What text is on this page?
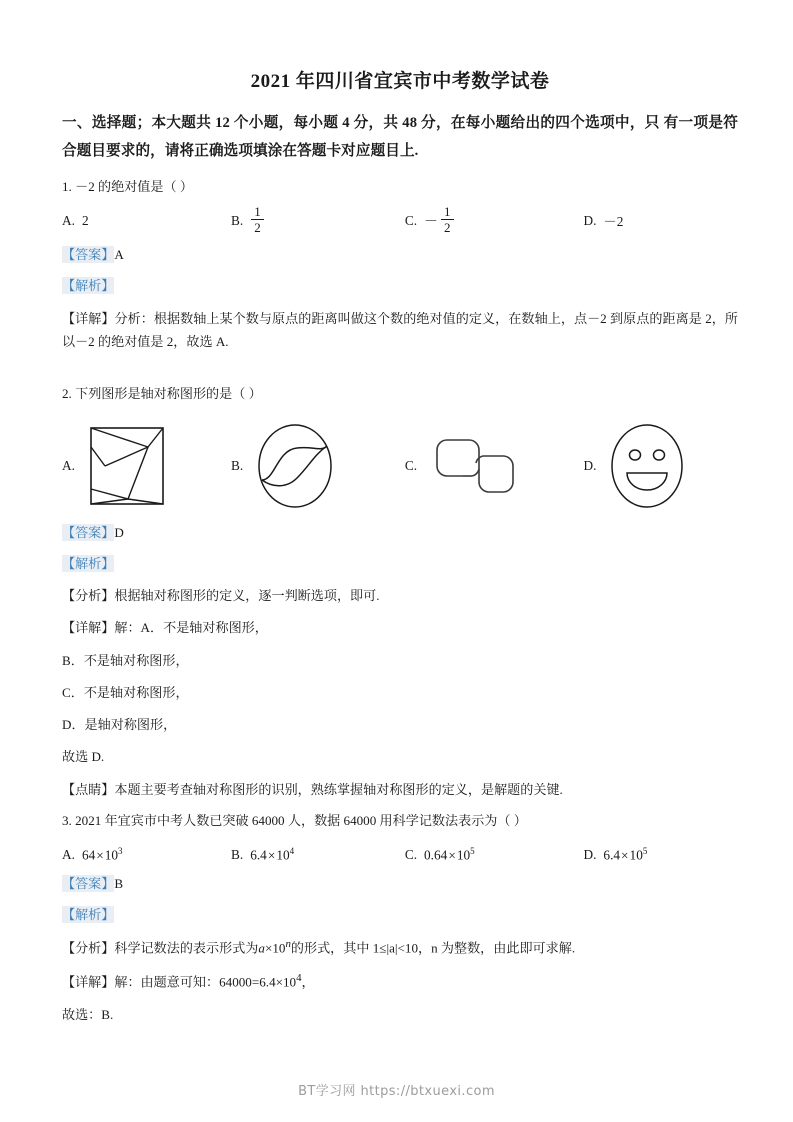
2021 年四川省宜宾市中考数学试卷
一、选择题；本大题共 12 个小题，每小题 4 分，共 48 分，在每小题给出的四个选项中，只 有一项是符合题目要求的，请将正确选项填涂在答题卡对应题目上.
1. －2 的绝对值是（ ）
A. 2	B. $\frac{1}{2}$	C. － $\frac{1}{2}$	D. －2
【答案】A
【解析】
【详解】分析：根据数轴上某个数与原点的距离叫做这个数的绝对值的定义，在数轴上，点－2 到原点的距离是 2，所以－2 的绝对值是 2，故选 A.
2. 下列图形是轴对称图形的是（ ）
A.	B.	C.	D.
【答案】D
【解析】
【分析】根据轴对称图形的定义，逐一判断选项，即可.
【详解】解：A．不是轴对称图形，
B．不是轴对称图形，
C．不是轴对称图形，
D．是轴对称图形，
故选 D.
【点睛】本题主要考查轴对称图形的识别，熟练掌握轴对称图形的定义，是解题的关键.
3. 2021 年宜宾市中考人数已突破 64000 人，数据 64000 用科学记数法表示为（ ）
A. $64\times 10^3$	B. $6.4\times 10^4$	C. $0.64\times 10^5$	D. $6.4\times 10^5$
【答案】B
【解析】
【分析】科学记数法的表示形式为$a\times 10^n$的形式，其中 1≤|a|<10，n 为整数，由此即可求解.
【详解】解：由题意可知：$64000=6.4\times 10^4$，
故选：B.
BT学习网 https://btxuexi.com
